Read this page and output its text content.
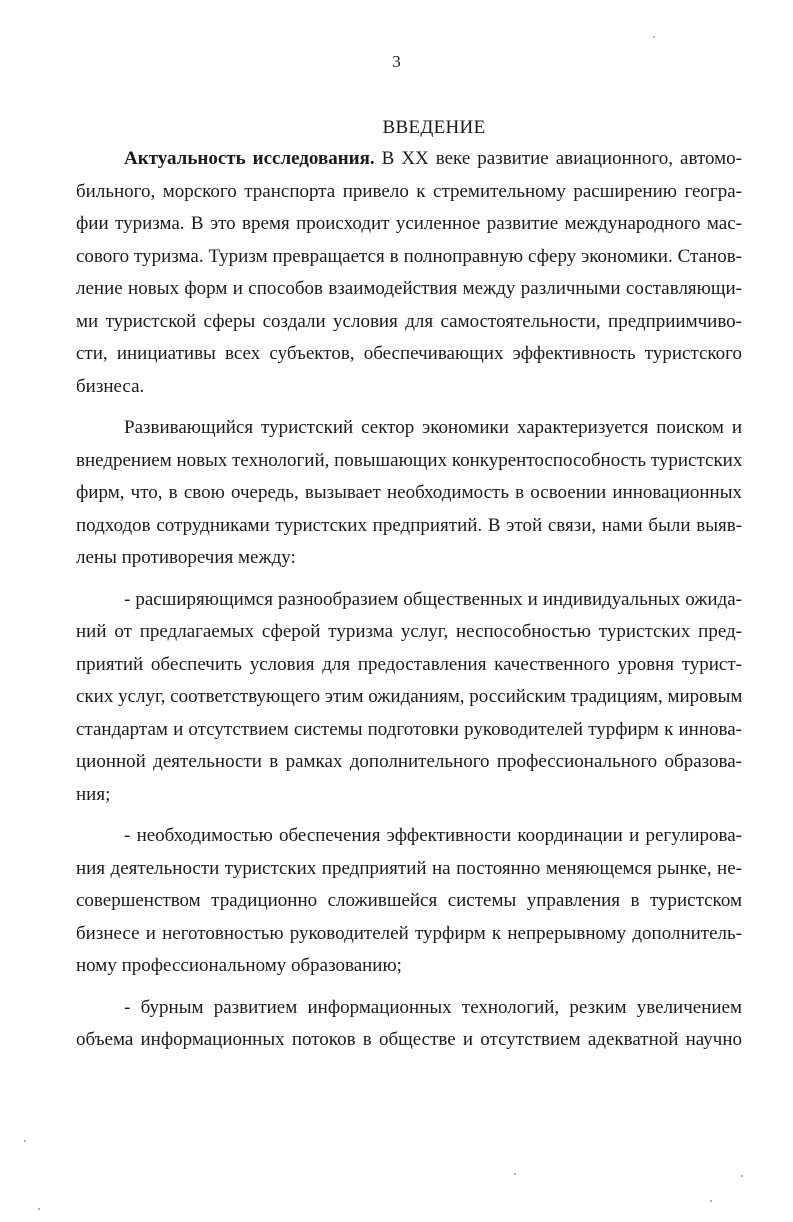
3
ВВЕДЕНИЕ

Актуальность исследования. В XX веке развитие авиационного, автомо-
бильного, морского транспорта привело к стремительному расширению геогра-
фии туризма. В это время происходит усиленное развитие международного мас-
сового туризма. Туризм превращается в полноправную сферу экономики. Станов-
ление новых форм и способов взаимодействия между различными составляющи-
ми туристской сферы создали условия для самостоятельности, предприимчиво-
сти, инициативы всех субъектов, обеспечивающих эффективность туристского
бизнеса.

Развивающийся туристский сектор экономики характеризуется поиском и
внедрением новых технологий, повышающих конкурентоспособность туристских
фирм, что, в свою очередь, вызывает необходимость в освоении инновационных
подходов сотрудниками туристских предприятий. В этой связи, нами были выяв-
лены противоречия между:

- расширяющимся разнообразием общественных и индивидуальных ожида-
ний от предлагаемых сферой туризма услуг, неспособностью туристских пред-
приятий обеспечить условия для предоставления качественного уровня турист-
ских услуг, соответствующего этим ожиданиям, российским традициям, мировым
стандартам и отсутствием системы подготовки руководителей турфирм к иннова-
ционной деятельности в рамках дополнительного профессионального образова-
ния;

- необходимостью обеспечения эффективности координации и регулирова-
ния деятельности туристских предприятий на постоянно меняющемся рынке, не-
совершенством традиционно сложившейся системы управления в туристском
бизнесе и неготовностью руководителей турфирм к непрерывному дополнитель-
ному профессиональному образованию;

- бурным развитием информационных технологий, резким увеличением
объема информационных потоков в обществе и отсутствием адекватной научно
